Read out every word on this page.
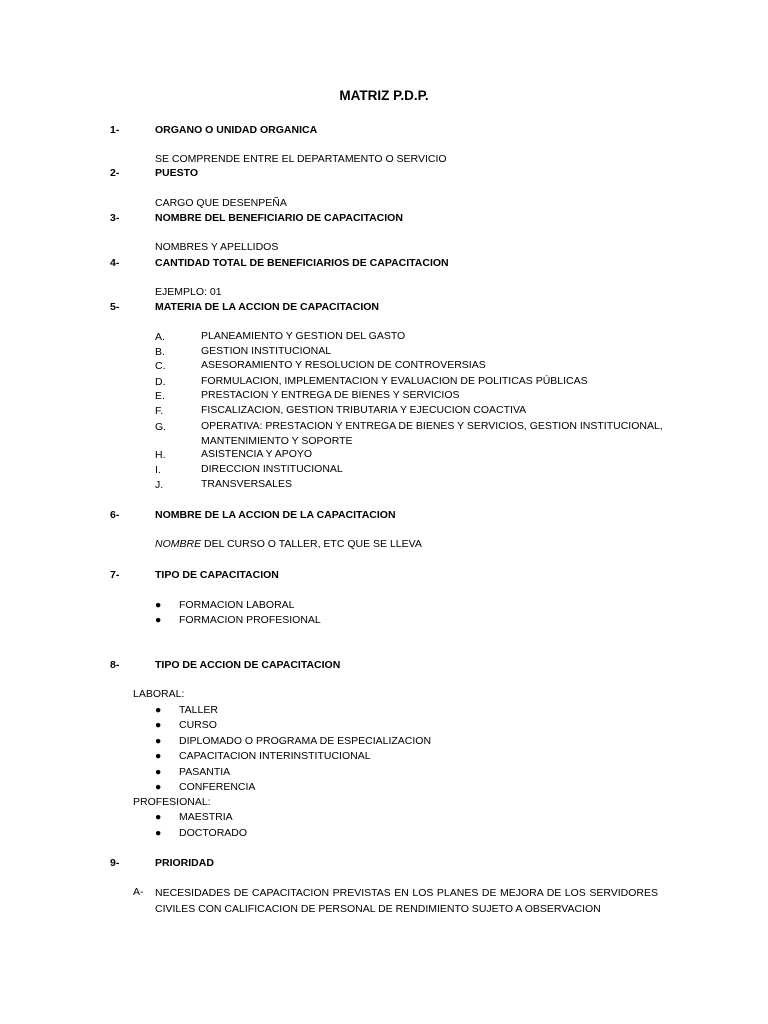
MATRIZ P.D.P.
1-	ORGANO O UNIDAD ORGANICA
SE COMPRENDE ENTRE EL DEPARTAMENTO O SERVICIO
2-	PUESTO
CARGO QUE DESENPEÑA
3-	NOMBRE DEL BENEFICIARIO DE CAPACITACION
NOMBRES Y APELLIDOS
4-	CANTIDAD TOTAL DE BENEFICIARIOS DE CAPACITACION
EJEMPLO: 01
5-	MATERIA DE LA ACCION DE CAPACITACION
A.	PLANEAMIENTO Y GESTION DEL GASTO
B.	GESTION INSTITUCIONAL
C.	ASESORAMIENTO Y RESOLUCION DE CONTROVERSIAS
D.	FORMULACION, IMPLEMENTACION Y EVALUACION DE POLITICAS PÚBLICAS
E.	PRESTACION Y ENTREGA DE BIENES Y SERVICIOS
F.	FISCALIZACION, GESTION TRIBUTARIA Y EJECUCION COACTIVA
G.	OPERATIVA: PRESTACION Y ENTREGA DE BIENES Y SERVICIOS, GESTION INSTITUCIONAL, MANTENIMIENTO Y SOPORTE
H.	ASISTENCIA Y APOYO
I.	DIRECCION INSTITUCIONAL
J.	TRANSVERSALES
6-	NOMBRE DE LA ACCION DE LA CAPACITACION
NOMBRE DEL CURSO O TALLER, ETC QUE SE LLEVA
7-	TIPO DE CAPACITACION
● FORMACION LABORAL
● FORMACION PROFESIONAL
8-	TIPO DE ACCION DE CAPACITACION
LABORAL:
● TALLER
● CURSO
● DIPLOMADO O PROGRAMA DE ESPECIALIZACION
● CAPACITACION INTERINSTITUCIONAL
● PASANTIA
● CONFERENCIA
PROFESIONAL:
● MAESTRIA
● DOCTORADO
9-	PRIORIDAD
A- NECESIDADES DE CAPACITACION PREVISTAS EN LOS PLANES DE MEJORA DE LOS SERVIDORES CIVILES CON CALIFICACION DE PERSONAL DE RENDIMIENTO SUJETO A OBSERVACION
